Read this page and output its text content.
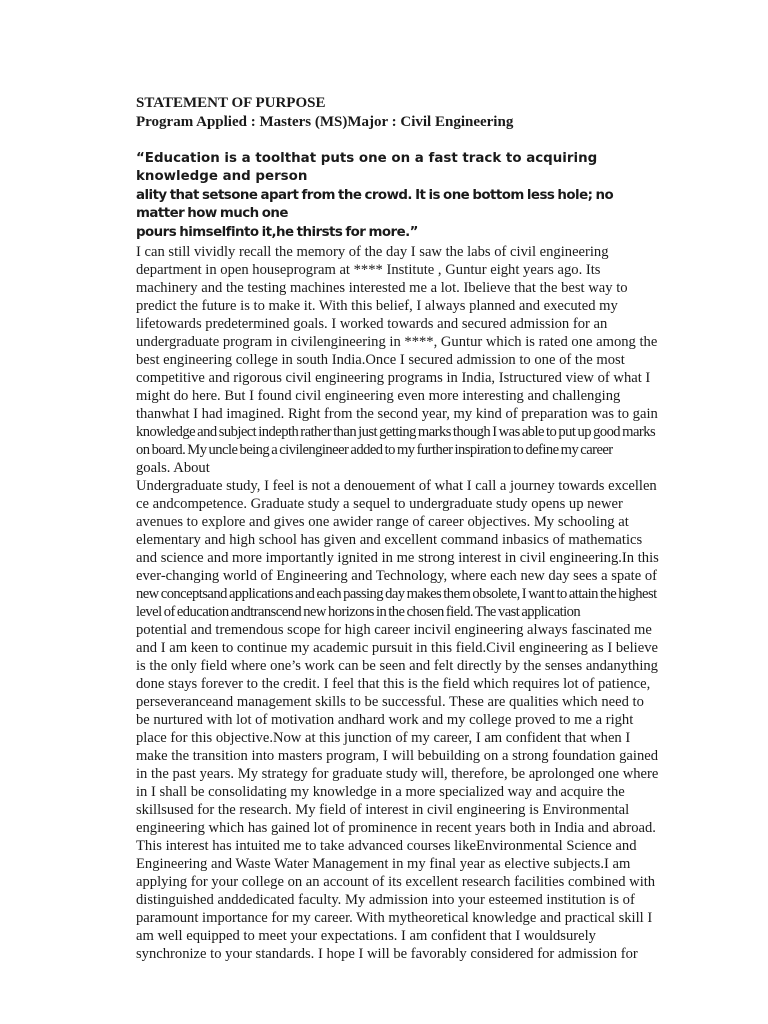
STATEMENT OF PURPOSE

Program Applied : Masters (MS)Major : Civil Engineering

“Education is a toolthat puts one on a fast track to acquiring knowledge and person

ality that setsone apart from the crowd. It is one bottom less hole; no matter how much one

pours himselfinto it,he thirsts for more.”

I can still vividly recall the memory of the day I saw the labs of civil engineering

department in open houseprogram at **** Institute , Guntur eight years ago. Its

machinery and the testing machines interested me a lot. Ibelieve that the best way to

predict the future is to make it. With this belief, I always planned and executed my

lifetowards predetermined goals. I worked towards and secured admission for an

undergraduate program in civilengineering in ****, Guntur which is rated one among the

best engineering college in south India.Once I secured admission to one of the most

competitive and rigorous civil engineering programs in India, Istructured view of what I

might do here. But I found civil engineering even more interesting and challenging

thanwhat I had imagined. Right from the second year, my kind of preparation was to gain

knowledge and subject indepth rather than just getting marks though I was able to put up good marks

on board. My uncle being a civilengineer added to my further inspiration to define my career

goals. About

Undergraduate study, I feel is not a denouement of what I call a journey towards excellen

ce andcompetence. Graduate study a sequel to undergraduate study opens up newer

avenues to explore and gives one awider range of career objectives. My schooling at

elementary and high school has given and excellent command inbasics of mathematics

and science and more importantly ignited in me strong interest in civil engineering.In this

ever-changing world of Engineering and Technology, where each new day sees a spate of

new conceptsand applications and each passing day makes them obsolete, I want to attain the highest

level of education andtranscend new horizons in the chosen field. The vast application

potential and tremendous scope for high career incivil engineering always fascinated me

and I am keen to continue my academic pursuit in this field.Civil engineering as I believe

is the only field where one’s work can be seen and felt directly by the senses andanything

done stays forever to the credit. I feel that this is the field which requires lot of patience,

perseveranceand management skills to be successful. These are qualities which need to

be nurtured with lot of motivation andhard work and my college proved to me a right

place for this objective.Now at this junction of my career, I am confident that when I

make the transition into masters program, I will bebuilding on a strong foundation gained

in the past years. My strategy for graduate study will, therefore, be aprolonged one where

in I shall be consolidating my knowledge in a more specialized way and acquire the

skillsused for the research. My field of interest in civil engineering is Environmental

engineering which has gained lot of prominence in recent years both in India and abroad.

This interest has intuited me to take advanced courses likeEnvironmental Science and

Engineering and Waste Water Management in my final year as elective subjects.I am

applying for your college on an account of its excellent research facilities combined with

distinguished anddedicated faculty. My admission into your esteemed institution is of

paramount importance for my career. With mytheoretical knowledge and practical skill I

am well equipped to meet your expectations. I am confident that I wouldsurely

synchronize to your standards. I hope I will be favorably considered for admission for
